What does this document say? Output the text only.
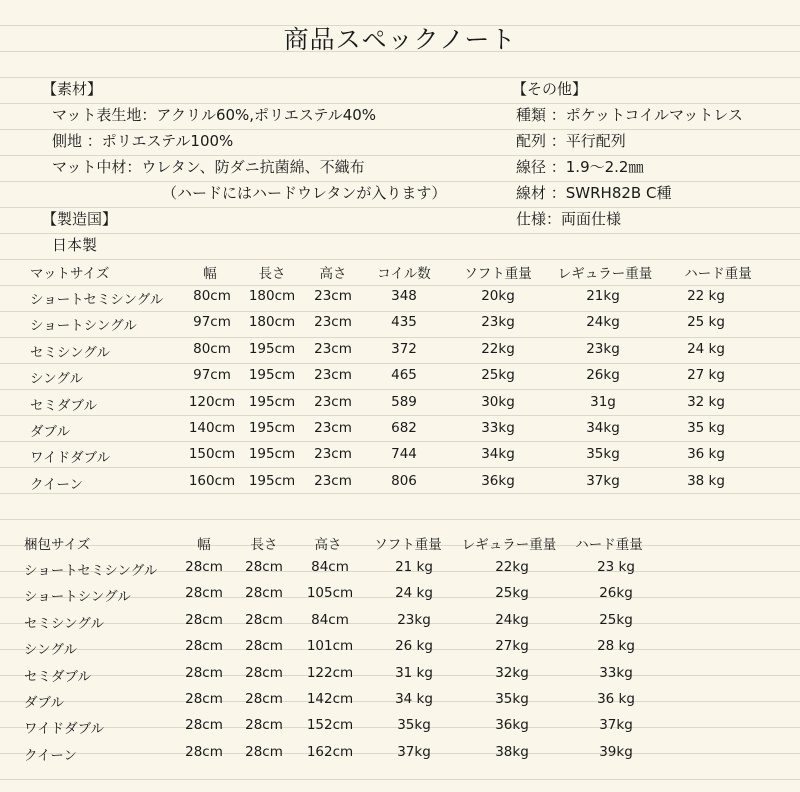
商品スペックノート
【素材】
マット表生地：アクリル60%,ポリエステル40%
側地 ：ポリエステル100%
マット中材：ウレタン、防ダニ抗菌綿、不織布
（ハードにはハードウレタンが入ります）
【製造国】
日本製
【その他】
種類 ：ポケットコイルマットレス
配列 ：平行配列
線径 ：1.9〜2.2㎜
線材 ：SWRH82B C種
仕様：両面仕様
マットサイズ	幅	長さ	高さ コイル数 ソフト重量 レギュラー重量 ハード重量
ショートセミシングル 80cm 180cm 23cm	348	20kg	21kg	22 kg
ショートシングル	97cm 180cm 23cm	435	23kg	24kg	25 kg
セミシングル	80cm 195cm 23cm	372	22kg	23kg	24 kg
シングル	97cm 195cm 23cm	465	25kg	26kg	27 kg
セミダブル	120cm 195cm 23cm	589	30kg	31g	32 kg
ダブル	140cm 195cm 23cm	682	33kg	34kg	35 kg
ワイドダブル	150cm 195cm 23cm	744	34kg	35kg	36 kg
クイーン	160cm 195cm 23cm	806	36kg	37kg	38 kg
梱包サイズ	幅	長さ	高さ ソフト重量 レギュラー重量 ハード重量
ショートセミシングル 28cm 28cm 84cm	21 kg	22kg	23 kg
ショートシングル	28cm 28cm 105cm	24 kg	25kg	26kg
セミシングル	28cm 28cm 84cm	23kg	24kg	25kg
シングル	28cm 28cm 101cm	26 kg	27kg	28 kg
セミダブル	28cm 28cm 122cm	31 kg	32kg	33kg
ダブル	28cm 28cm 142cm	34 kg	35kg	36 kg
ワイドダブル	28cm 28cm 152cm	35kg	36kg	37kg
クイーン	28cm 28cm 162cm	37kg	38kg	39kg
